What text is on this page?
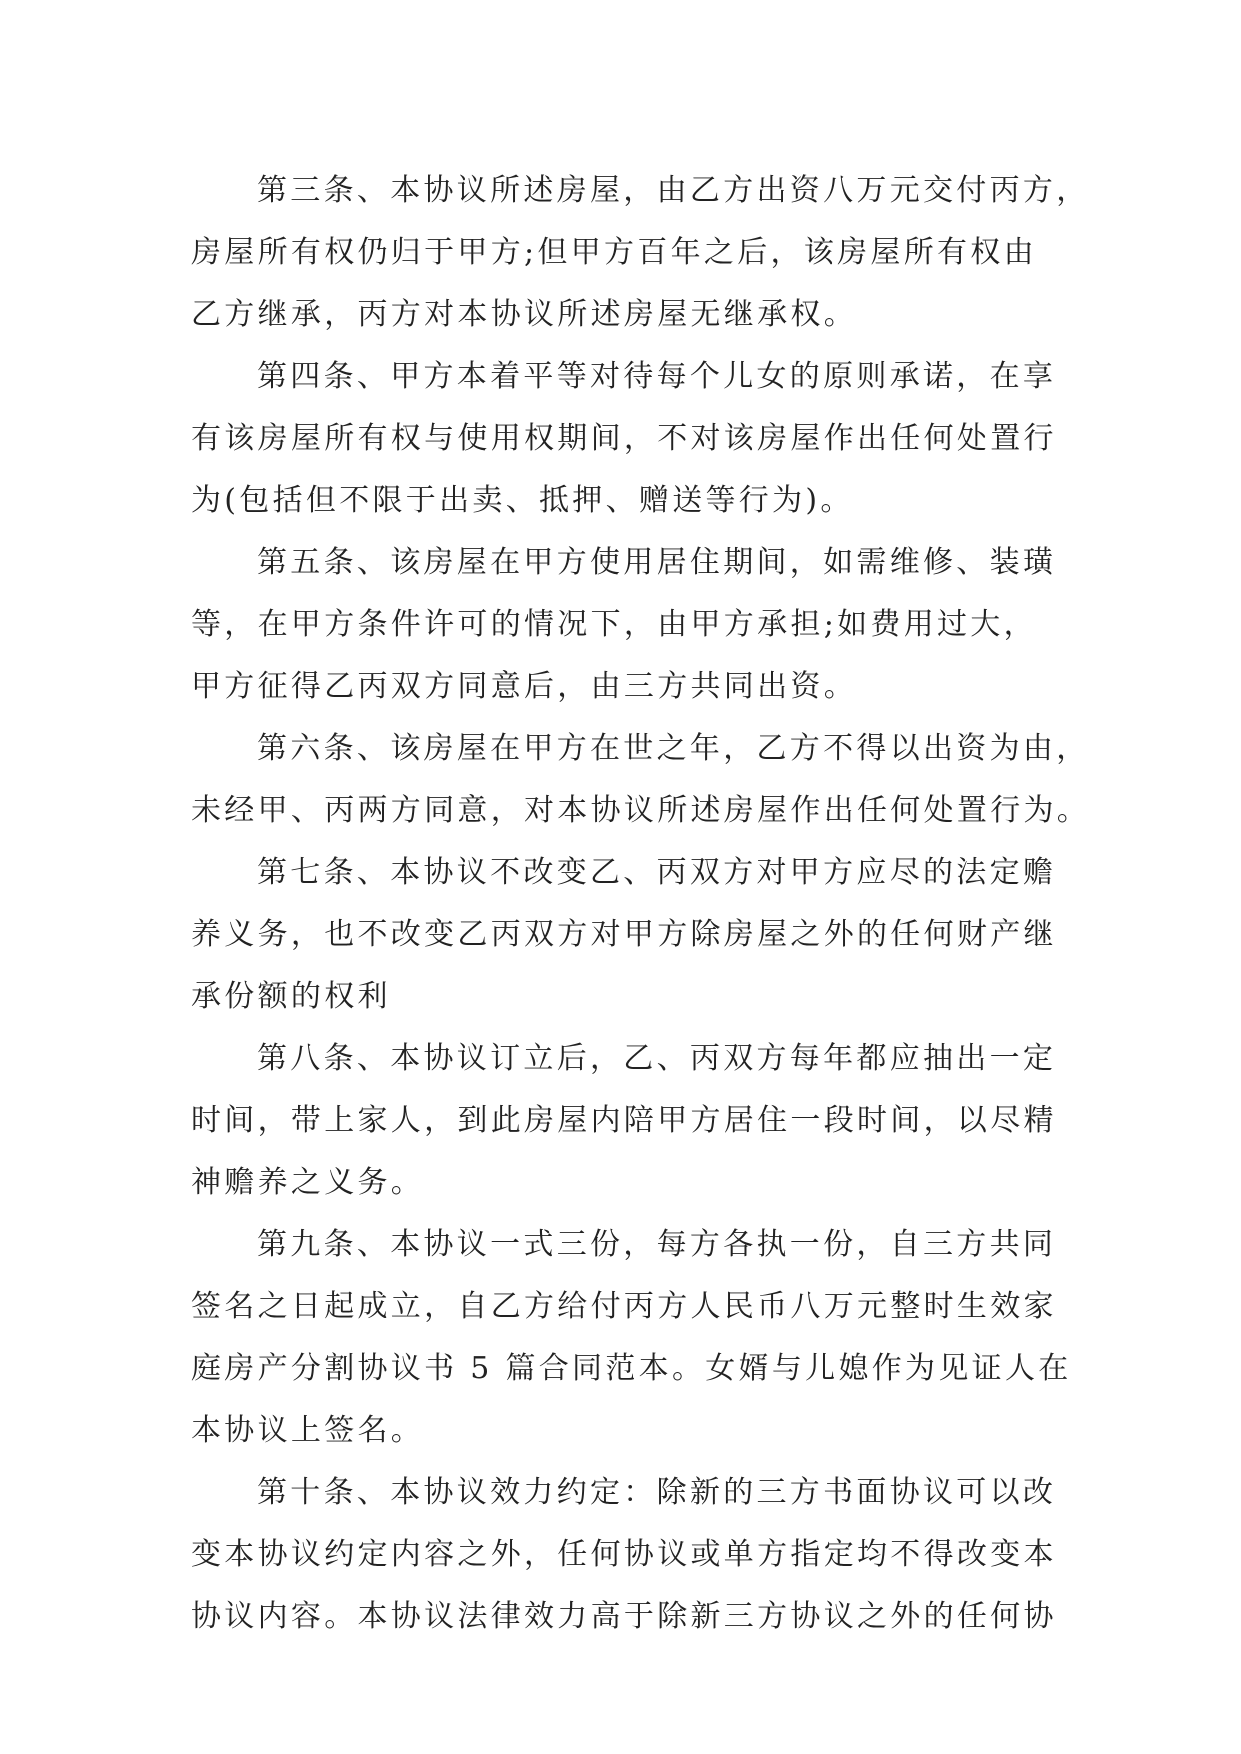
第三条、本协议所述房屋，由乙方出资八万元交付丙方，
房屋所有权仍归于甲方;但甲方百年之后，该房屋所有权由
乙方继承，丙方对本协议所述房屋无继承权。
第四条、甲方本着平等对待每个儿女的原则承诺，在享
有该房屋所有权与使用权期间，不对该房屋作出任何处置行
为(包括但不限于出卖、抵押、赠送等行为)。
第五条、该房屋在甲方使用居住期间，如需维修、装璜
等，在甲方条件许可的情况下，由甲方承担;如费用过大，
甲方征得乙丙双方同意后，由三方共同出资。
第六条、该房屋在甲方在世之年，乙方不得以出资为由，
未经甲、丙两方同意，对本协议所述房屋作出任何处置行为。
第七条、本协议不改变乙、丙双方对甲方应尽的法定赡
养义务，也不改变乙丙双方对甲方除房屋之外的任何财产继
承份额的权利
第八条、本协议订立后，乙、丙双方每年都应抽出一定
时间，带上家人，到此房屋内陪甲方居住一段时间，以尽精
神赡养之义务。
第九条、本协议一式三份，每方各执一份，自三方共同
签名之日起成立，自乙方给付丙方人民币八万元整时生效家
庭房产分割协议书 5 篇合同范本。女婿与儿媳作为见证人在
本协议上签名。
第十条、本协议效力约定：除新的三方书面协议可以改
变本协议约定内容之外，任何协议或单方指定均不得改变本
协议内容。本协议法律效力高于除新三方协议之外的任何协
